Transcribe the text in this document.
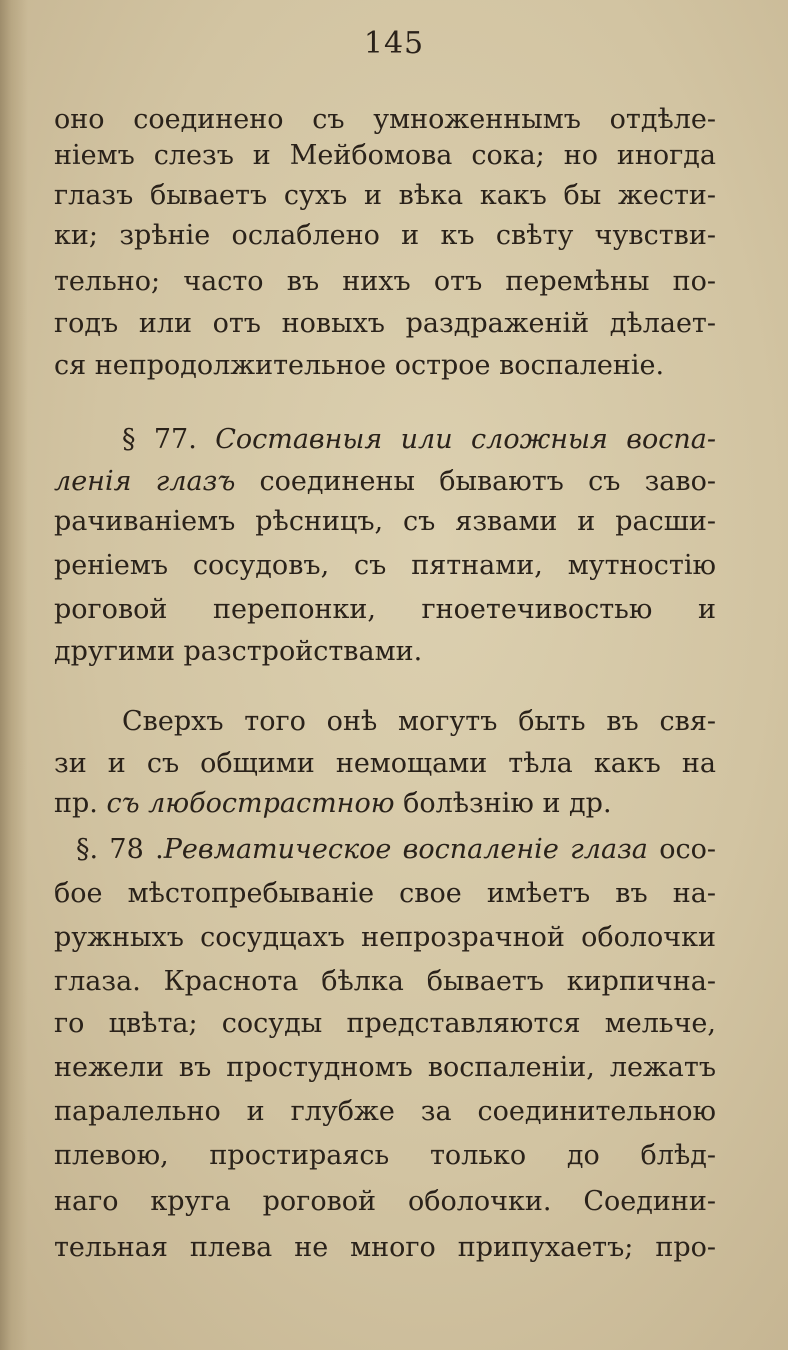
145
оно соединено съ умноженнымъ отдѣле-
ніемъ слезъ и Мейбомова сока; но иногда
глазъ бываетъ сухъ и вѣка какъ бы жести-
ки; зрѣніе ослаблено и къ свѣту чувстви-
тельно; часто въ нихъ отъ перемѣны по-
годъ или отъ новыхъ раздраженій дѣлает-
ся непродолжительное острое воспаленіе.
§ 77. Составныя или сложныя воспа-
ленія глазъ соединены бываютъ съ заво-
рачиваніемъ рѣсницъ, съ язвами и расши-
реніемъ сосудовъ, съ пятнами, мутностію
роговой перепонки, гноетечивостью и
другими разстройствами.
Сверхъ того онѣ могутъ быть въ свя-
зи и съ общими немощами тѣла какъ на
пр. съ любострастною болѣзнію и др.
§. 78 .Ревматическое воспаленіе глаза осо-
бое мѣстопребываніе свое имѣетъ въ на-
ружныхъ сосудцахъ непрозрачной оболочки
глаза. Краснота бѣлка бываетъ кирпична-
го цвѣта; сосуды представляются мельче,
нежели въ простудномъ воспаленіи, лежатъ
паралельно и глубже за соединительною
плевою, простираясь только до блѣд-
наго круга роговой оболочки. Соедини-
тельная плева не много припухаетъ; про-
